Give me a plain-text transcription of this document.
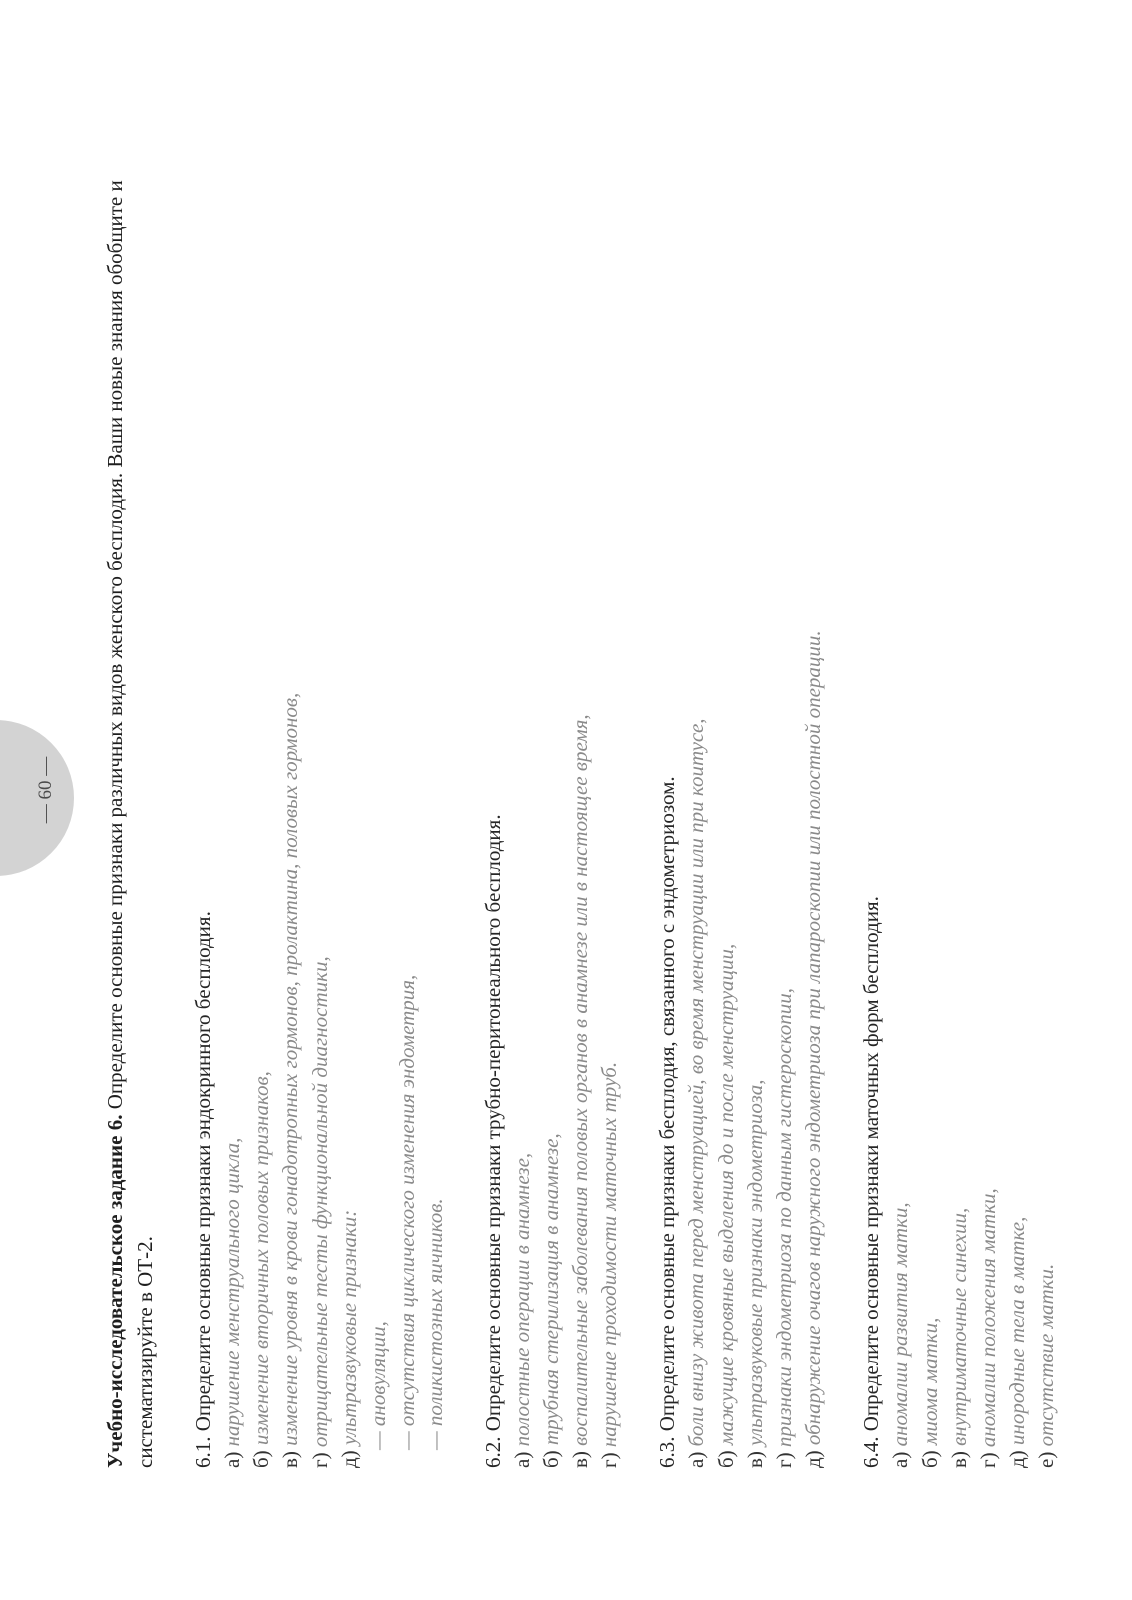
— 60 —
Учебно-исследовательское задание 6. Определите основные признаки различных видов женского бесплодия. Ваши новые знания обобщите и систематизируйте в ОТ-2. 6.1. Определите основные признаки эндокринного бесплодия. а) нарушение менструального цикла,
б) изменение вторичных половых признаков,
в) изменение уровня в крови гонадотропных гормонов, пролактина, половых гормонов,
г) отрицательные тесты функциональной диагностики,
д) ультразвуковые признаки: — ановуляции, — отсутствия циклического изменения эндометрия, — поликистозных яичников. 6.2. Определите основные признаки трубно-перитонеального бесплодия. а) полостные операции в анамнезе,
б) трубная стерилизация в анамнезе,
в) воспалительные заболевания половых органов в анамнезе или в настоящее время,
г) нарушение проходимости маточных труб. 6.3. Определите основные признаки бесплодия, связанного с эндометриозом. а) боли внизу живота перед менструацией, во время менструации или при коитусе,
б) мажущие кровяные выделения до и после менструации,
в) ультразвуковые признаки эндометриоза,
г) признаки эндометриоза по данным гистероскопии,
д) обнаружение очагов наружного эндометриоза при лапароскопии или полостной операции. 6.4. Определите основные признаки маточных форм бесплодия. а) аномалии развития матки,
б) миома матки,
в) внутриматочные синехии,
г) аномалии положения матки,
д) инородные тела в матке,
е) отсутствие матки.
